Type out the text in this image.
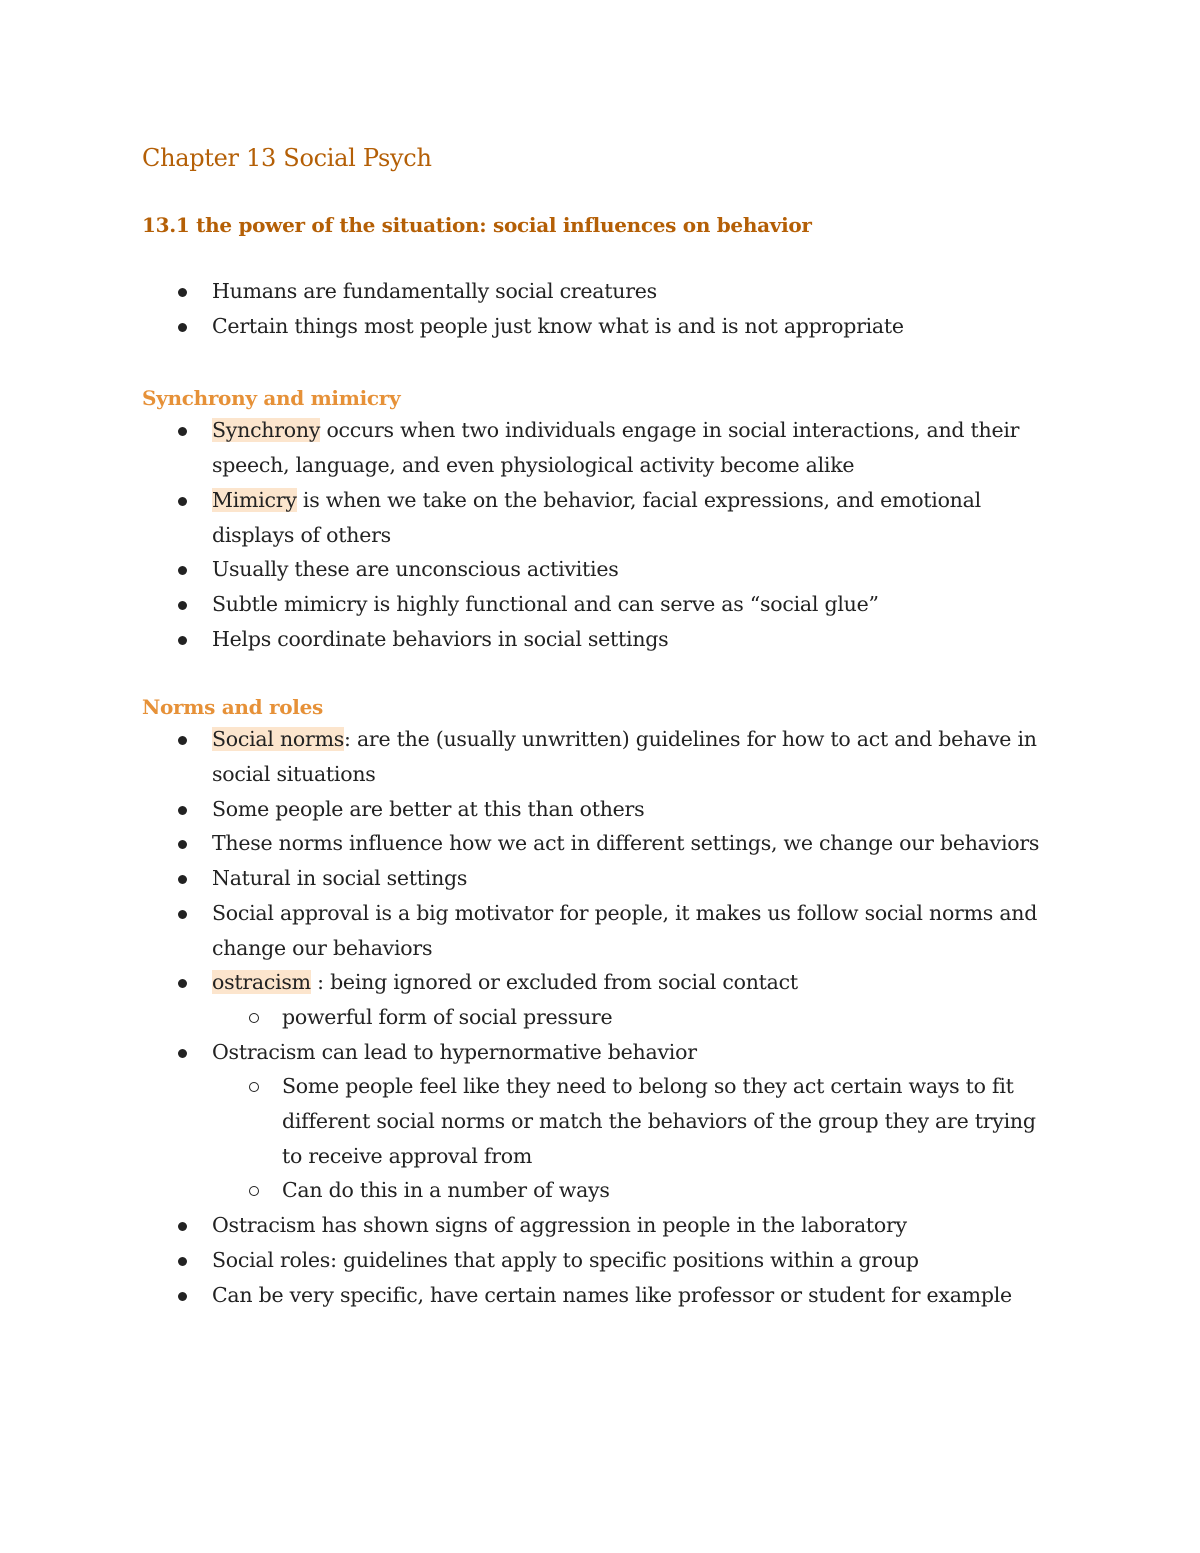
Chapter 13 Social Psych
13.1 the power of the situation: social influences on behavior
Humans are fundamentally social creatures
Certain things most people just know what is and is not appropriate
Synchrony and mimicry
Synchrony occurs when two individuals engage in social interactions, and their speech, language, and even physiological activity become alike
Mimicry is when we take on the behavior, facial expressions, and emotional displays of others
Usually these are unconscious activities
Subtle mimicry is highly functional and can serve as “social glue”
Helps coordinate behaviors in social settings
Norms and roles
Social norms: are the (usually unwritten) guidelines for how to act and behave in social situations
Some people are better at this than others
These norms influence how we act in different settings, we change our behaviors
Natural in social settings
Social approval is a big motivator for people, it makes us follow social norms and change our behaviors
ostracism : being ignored or excluded from social contact
powerful form of social pressure
Ostracism can lead to hypernormative behavior
Some people feel like they need to belong so they act certain ways to fit different social norms or match the behaviors of the group they are trying to receive approval from
Can do this in a number of ways
Ostracism has shown signs of aggression in people in the laboratory
Social roles: guidelines that apply to specific positions within a group
Can be very specific, have certain names like professor or student for example
